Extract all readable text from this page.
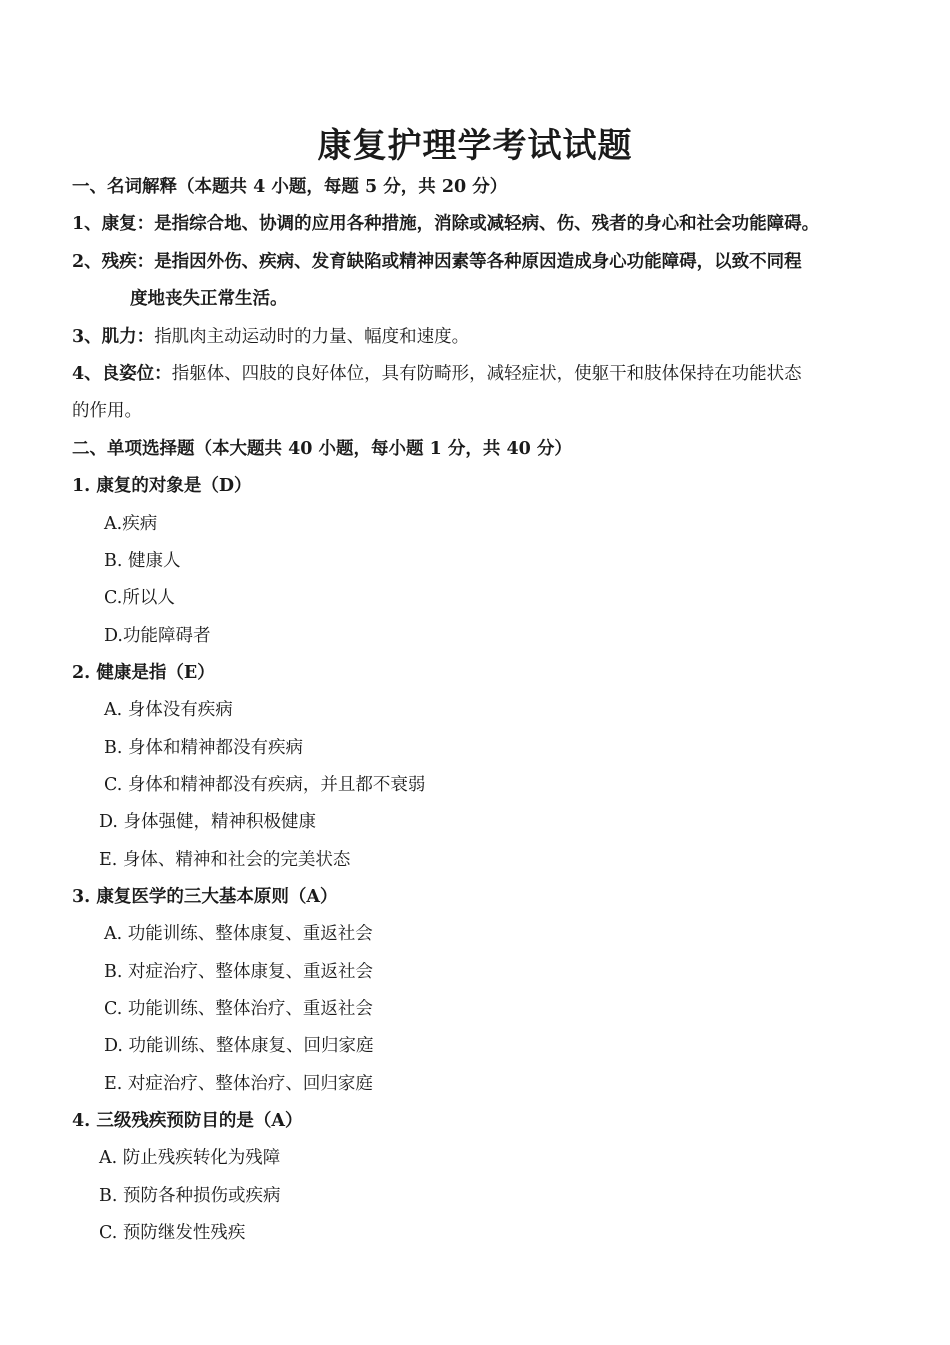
康复护理学考试试题
一、名词解释（本题共 4 小题，每题 5 分，共 20 分）
1、康复：是指综合地、协调的应用各种措施，消除或减轻病、伤、残者的身心和社会功能障碍。
2、残疾：是指因外伤、疾病、发育缺陷或精神因素等各种原因造成身心功能障碍，以致不同程
度地丧失正常生活。
3、肌力：指肌肉主动运动时的力量、幅度和速度。
4、良姿位：指躯体、四肢的良好体位，具有防畸形，减轻症状，使躯干和肢体保持在功能状态
的作用。
二、单项选择题（本大题共 40 小题，每小题 1 分，共 40 分）
1. 康复的对象是（D）
A.疾病
B. 健康人
C.所以人
D.功能障碍者
2. 健康是指（E）
A. 身体没有疾病
B. 身体和精神都没有疾病
C. 身体和精神都没有疾病，并且都不衰弱
D. 身体强健，精神积极健康
E. 身体、精神和社会的完美状态
3. 康复医学的三大基本原则（A）
A. 功能训练、整体康复、重返社会
B. 对症治疗、整体康复、重返社会
C. 功能训练、整体治疗、重返社会
D. 功能训练、整体康复、回归家庭
E. 对症治疗、整体治疗、回归家庭
4. 三级残疾预防目的是（A）
A. 防止残疾转化为残障
B. 预防各种损伤或疾病
C. 预防继发性残疾
